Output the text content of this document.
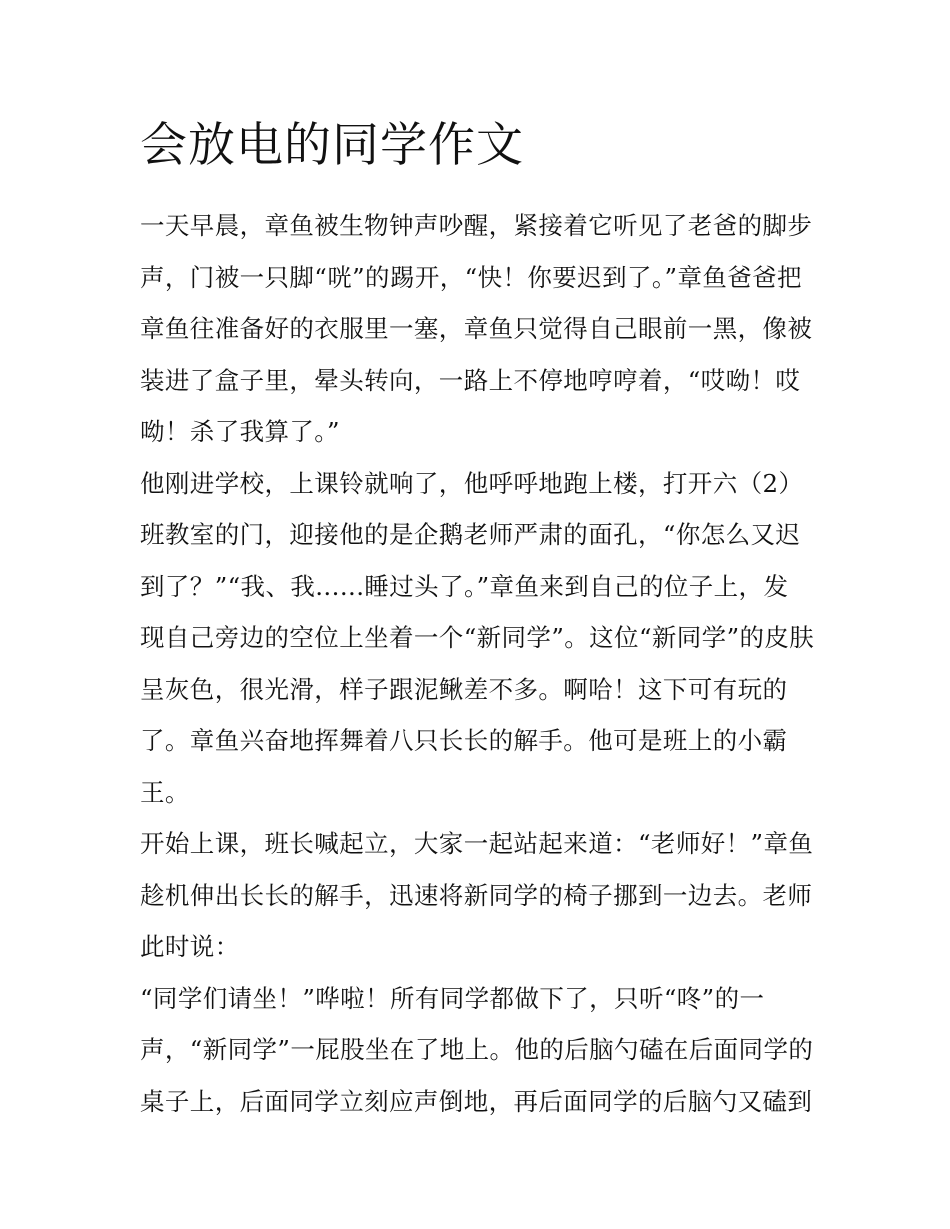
会放电的同学作文
一天早晨，章鱼被生物钟声吵醒，紧接着它听见了老爸的脚步
声，门被一只脚“咣”的踢开，“快！你要迟到了。”章鱼爸爸把
章鱼往准备好的衣服里一塞，章鱼只觉得自己眼前一黑，像被
装进了盒子里，晕头转向，一路上不停地哼哼着，“哎呦！哎
呦！杀了我算了。”
他刚进学校，上课铃就响了，他呼呼地跑上楼，打开六（2）
班教室的门，迎接他的是企鹅老师严肃的面孔，“你怎么又迟
到了？”“我、我......睡过头了。”章鱼来到自己的位子上，发
现自己旁边的空位上坐着一个“新同学”。这位“新同学”的皮肤
呈灰色，很光滑，样子跟泥鳅差不多。啊哈！这下可有玩的
了。章鱼兴奋地挥舞着八只长长的解手。他可是班上的小霸
王。
开始上课，班长喊起立，大家一起站起来道：“老师好！”章鱼
趁机伸出长长的解手，迅速将新同学的椅子挪到一边去。老师
此时说：
“同学们请坐！”哗啦！所有同学都做下了，只听“咚”的一
声，“新同学”一屁股坐在了地上。他的后脑勺磕在后面同学的
桌子上，后面同学立刻应声倒地，再后面同学的后脑勺又磕到
